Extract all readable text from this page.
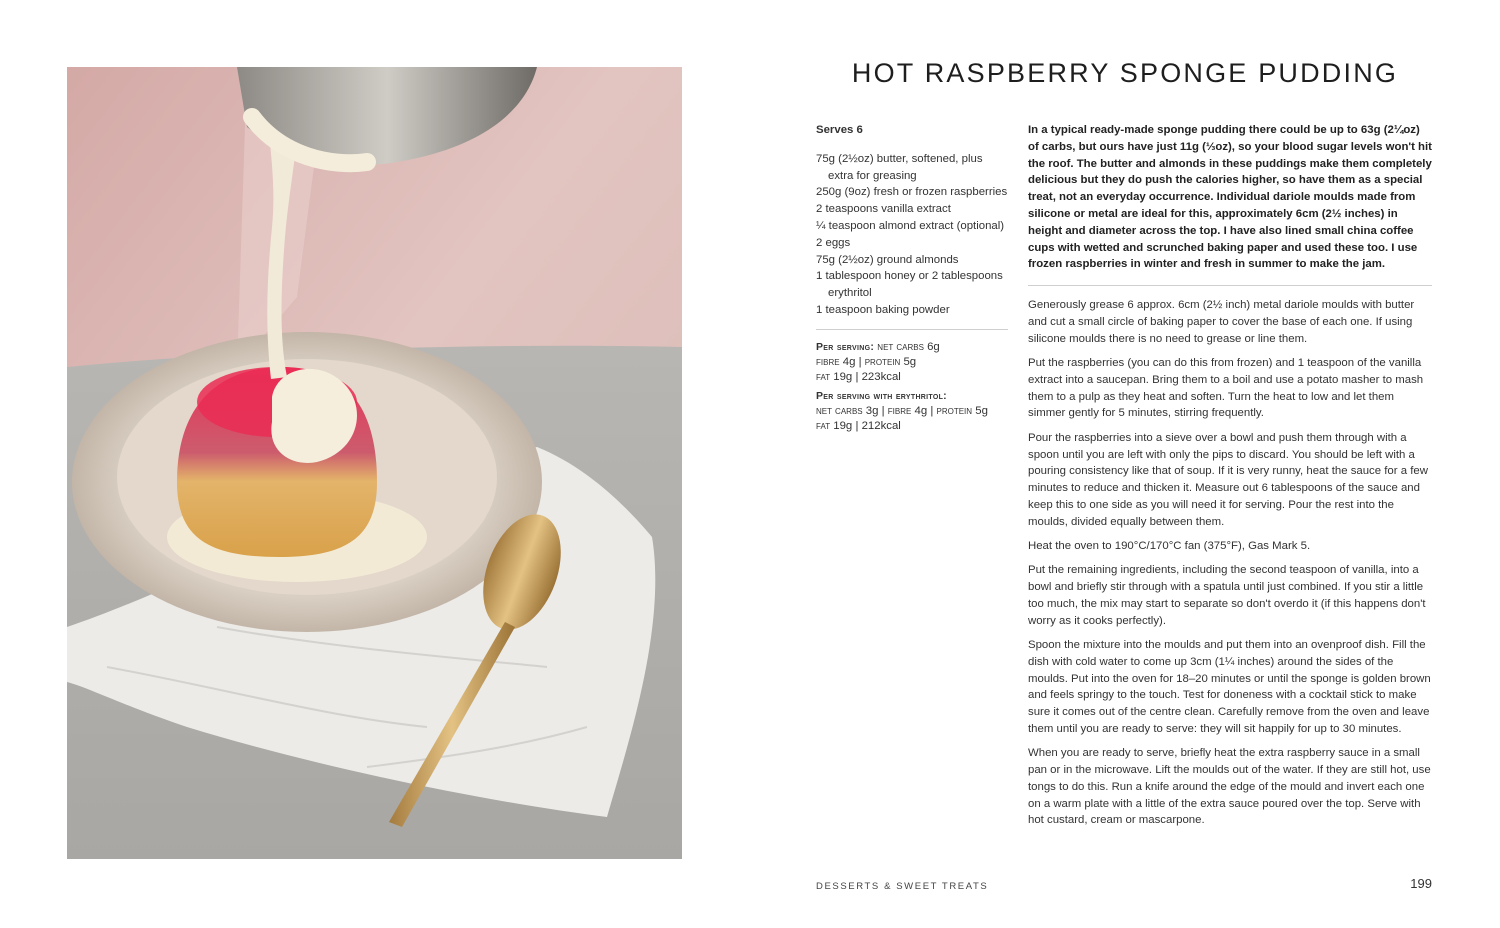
HOT RASPBERRY SPONGE PUDDING

Serves 6

75g (2½oz) butter, softened, plus extra for greasing
250g (9oz) fresh or frozen raspberries
2 teaspoons vanilla extract
¼ teaspoon almond extract (optional)
2 eggs
75g (2½oz) ground almonds
1 tablespoon honey or 2 tablespoons erythritol
1 teaspoon baking powder

Per serving: net carbs 6g
fibre 4g | protein 5g
fat 19g | 223kcal

Per serving with erythritol:
net carbs 3g | fibre 4g | protein 5g
fat 19g | 212kcal

In a typical ready-made sponge pudding there could be up to 63g (2¼oz) of carbs, but ours have just 11g (⅓oz), so your blood sugar levels won't hit the roof. The butter and almonds in these puddings make them completely delicious but they do push the calories higher, so have them as a special treat, not an everyday occurrence. Individual dariole moulds made from silicone or metal are ideal for this, approximately 6cm (2½ inches) in height and diameter across the top. I have also lined small china coffee cups with wetted and scrunched baking paper and used these too. I use frozen raspberries in winter and fresh in summer to make the jam.

Generously grease 6 approx. 6cm (2½ inch) metal dariole moulds with butter and cut a small circle of baking paper to cover the base of each one. If using silicone moulds there is no need to grease or line them.

Put the raspberries (you can do this from frozen) and 1 teaspoon of the vanilla extract into a saucepan. Bring them to a boil and use a potato masher to mash them to a pulp as they heat and soften. Turn the heat to low and let them simmer gently for 5 minutes, stirring frequently.

Pour the raspberries into a sieve over a bowl and push them through with a spoon until you are left with only the pips to discard. You should be left with a pouring consistency like that of soup. If it is very runny, heat the sauce for a few minutes to reduce and thicken it. Measure out 6 tablespoons of the sauce and keep this to one side as you will need it for serving. Pour the rest into the moulds, divided equally between them.

Heat the oven to 190°C/170°C fan (375°F), Gas Mark 5.

Put the remaining ingredients, including the second teaspoon of vanilla, into a bowl and briefly stir through with a spatula until just combined. If you stir a little too much, the mix may start to separate so don't overdo it (if this happens don't worry as it cooks perfectly).

Spoon the mixture into the moulds and put them into an ovenproof dish. Fill the dish with cold water to come up 3cm (1¼ inches) around the sides of the moulds. Put into the oven for 18–20 minutes or until the sponge is golden brown and feels springy to the touch. Test for doneness with a cocktail stick to make sure it comes out of the centre clean. Carefully remove from the oven and leave them until you are ready to serve: they will sit happily for up to 30 minutes.

When you are ready to serve, briefly heat the extra raspberry sauce in a small pan or in the microwave. Lift the moulds out of the water. If they are still hot, use tongs to do this. Run a knife around the edge of the mould and invert each one on a warm plate with a little of the extra sauce poured over the top. Serve with hot custard, cream or mascarpone.

DESSERTS & SWEET TREATS	199
